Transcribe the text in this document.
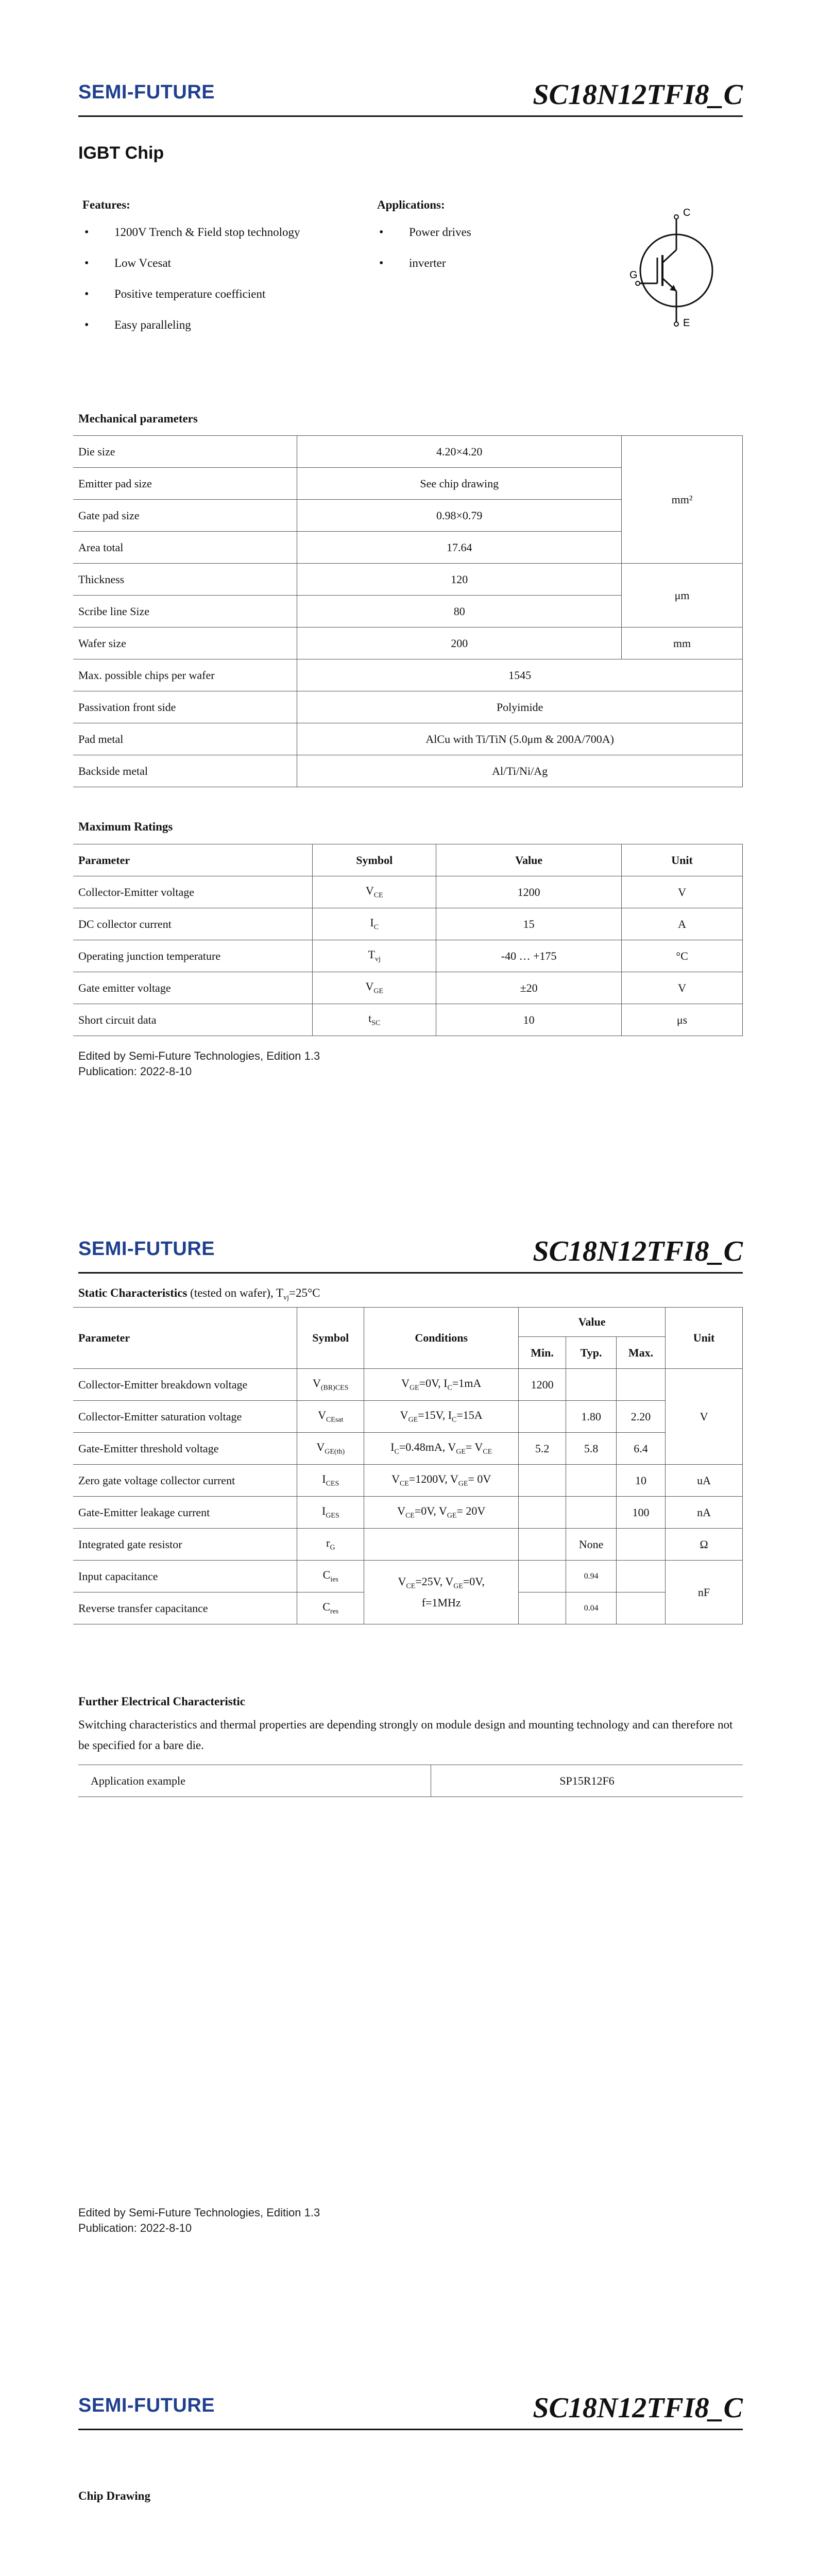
SEMI-FUTURE	SC18N12TFI8_C
IGBT Chip
Features:
• 1200V Trench & Field stop technology
• Low Vcesat
• Positive temperature coefficient
• Easy paralleling
Applications:
• Power drives
• inverter
C
G
E
Mechanical parameters
Die size	4.20×4.20	mm²
Emitter pad size	See chip drawing	
Gate pad size	0.98×0.79	
Area total	17.64	
Thickness	120	μm
Scribe line Size	80	
Wafer size	200	mm
Max. possible chips per wafer	1545	
Passivation front side	Polyimide	
Pad metal	AlCu with Ti/TiN (5.0μm & 200A/700A)	
Backside metal	Al/Ti/Ni/Ag	
Maximum Ratings
Parameter	Symbol	Value	Unit
Collector-Emitter voltage	$V_{CE}$	1200	V
DC collector current	$I_C$	15	A
Operating junction temperature	$T_{vj}$	-40 … +175	°C
Gate emitter voltage	$V_{GE}$	±20	V
Short circuit data	$t_{SC}$	10	μs
Edited by Semi-Future Technologies, Edition 1.3
Publication: 2022-8-10
SEMI-FUTURE	SC18N12TFI8_C
Static Characteristics (tested on wafer), $T_{vj}=25^\circ C$
Parameter	Symbol	Conditions	Value			Unit
			Min.	Typ.	Max.	
Collector-Emitter breakdown voltage	$V_{(BR)CES}$	$V_{GE}=0V$, $I_C=1mA$	1200			V
Collector-Emitter saturation voltage	$V_{CEsat}$	$V_{GE}=15V$, $I_C=15A$		1.80	2.20	
Gate-Emitter threshold voltage	$V_{GE(th)}$	$I_C=0.48mA$, $V_{GE}= V_{CE}$	5.2	5.8	6.4	
Zero gate voltage collector current	$I_{CES}$	$V_{CE}=1200V$, $V_{GE}= 0V$			10	uA
Gate-Emitter leakage current	$I_{GES}$	$V_{CE}=0V$, $V_{GE}= 20V$			100	nA
Integrated gate resistor	$r_G$			None		Ω
Input capacitance	$C_{ies}$	$V_{CE}=25V$, $V_{GE}=0V$,
f=1MHz		0.94		nF
Reverse transfer capacitance	$C_{res}$			0.04		
Further Electrical Characteristic
Switching characteristics and thermal properties are depending strongly on module design and mounting technology and can therefore not be specified for a bare die.
Application example	SP15R12F6
Edited by Semi-Future Technologies, Edition 1.3
Publication: 2022-8-10
SEMI-FUTURE	SC18N12TFI8_C
Chip Drawing
